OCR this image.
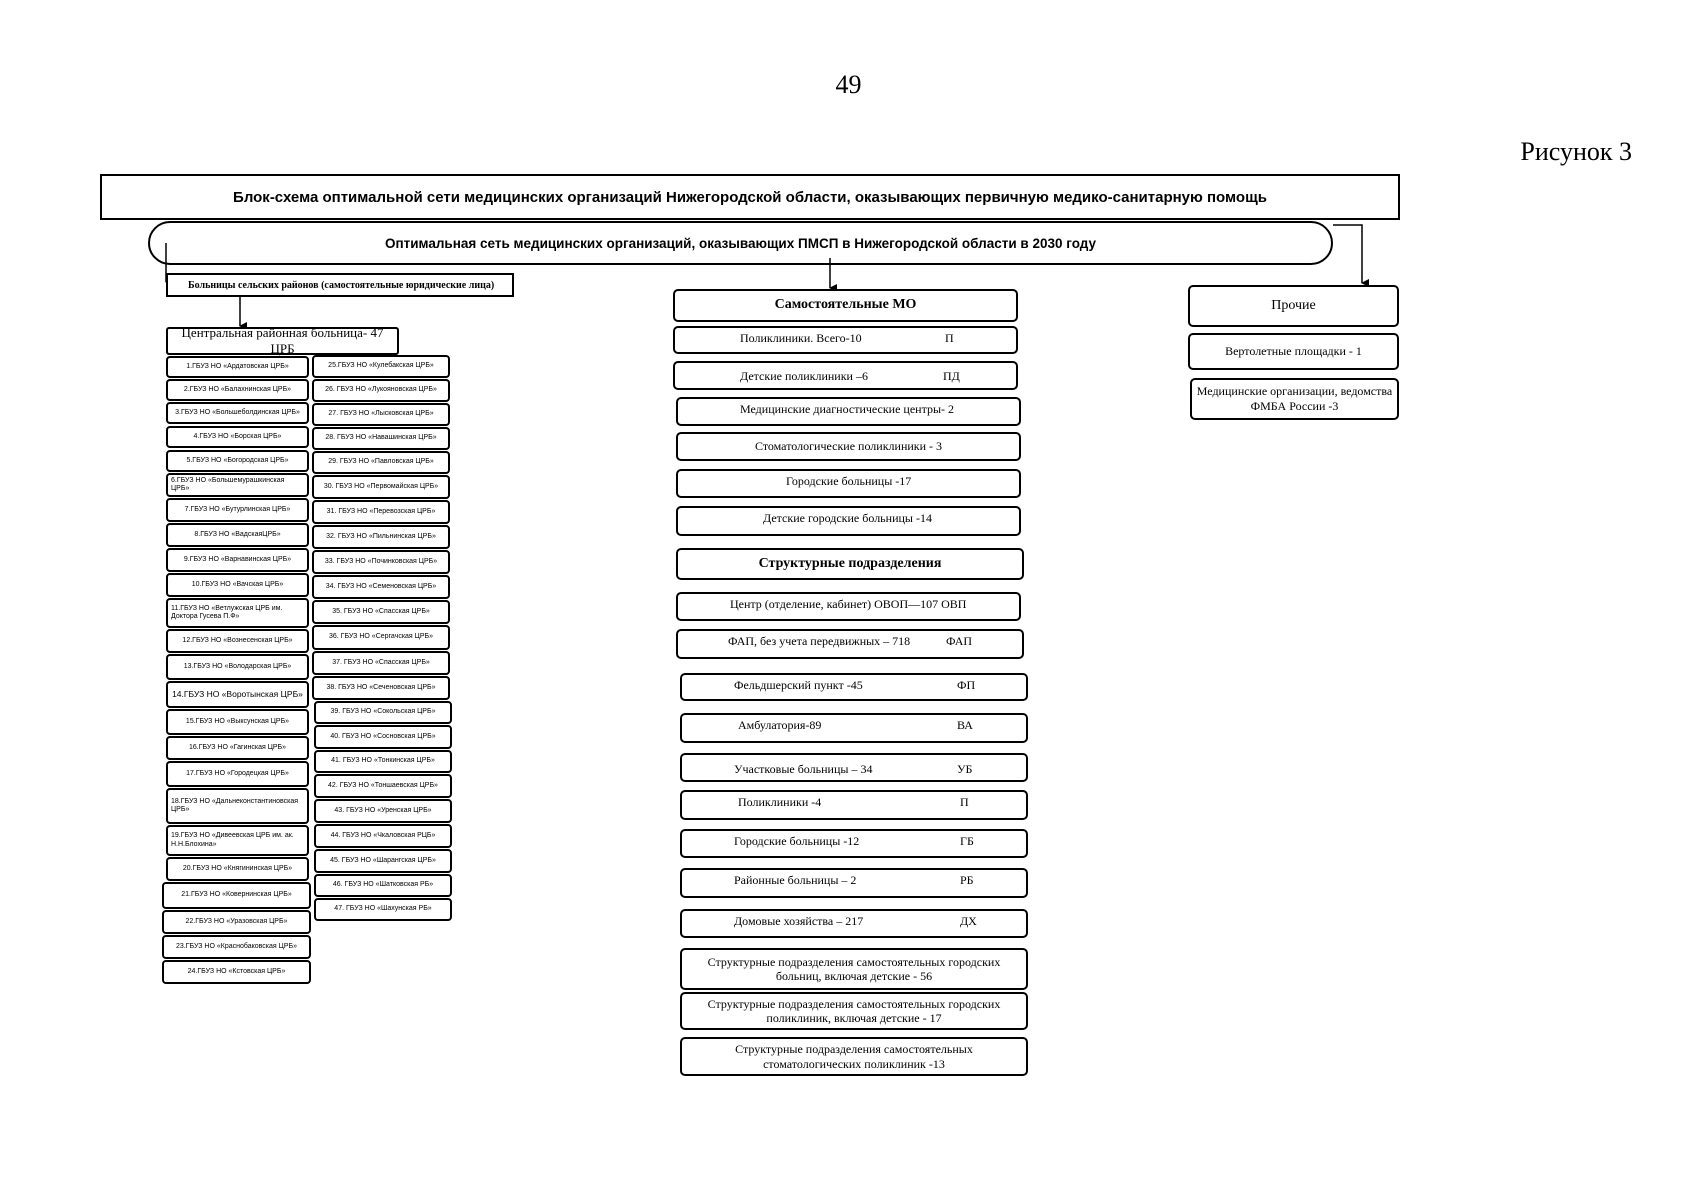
49
Рисунок 3
Блок-схема оптимальной сети медицинских организаций Нижегородской области, оказывающих первичную медико-санитарную помощь
Оптимальная сеть медицинских организаций, оказывающих ПМСП в Нижегородской области в 2030 году
Больницы сельских районов (самостоятельные юридические лица)
Центральная районная больница- 47 ЦРБ
1.ГБУЗ НО «Ардатовская ЦРБ»
2.ГБУЗ НО «Балахнинская ЦРБ»
3.ГБУЗ НО «Большеболдинская ЦРБ»
4.ГБУЗ НО «Борская ЦРБ»
5.ГБУЗ НО «Богородская ЦРБ»
6.ГБУЗ НО «Большемурашкинская ЦРБ»
7.ГБУЗ НО «Бутурлинская ЦРБ»
8.ГБУЗ НО «ВадскаяЦРБ»
9.ГБУЗ НО «Варнавинская ЦРБ»
10.ГБУЗ НО «Вачская ЦРБ»
11.ГБУЗ НО «Ветлужская ЦРБ им. Доктора Гусева П.Ф»
12.ГБУЗ НО «Вознесенская ЦРБ»
13.ГБУЗ НО «Володарская ЦРБ»
14.ГБУЗ НО «Воротынская ЦРБ»
15.ГБУЗ НО «Выксунская ЦРБ»
16.ГБУЗ НО «Гагинская ЦРБ»
17.ГБУЗ НО «Городецкая ЦРБ»
18.ГБУЗ НО «Дальнеконстантиновская ЦРБ»
19.ГБУЗ НО «Дивеевская ЦРБ им. ак. Н.Н.Блохина»
20.ГБУЗ НО «Княгининская ЦРБ»
21.ГБУЗ НО «Ковернинская ЦРБ»
22.ГБУЗ НО «Уразовская ЦРБ»
23.ГБУЗ НО «Краснобаковская ЦРБ»
24.ГБУЗ НО «Кстовская ЦРБ»
25.ГБУЗ НО «Кулебакская ЦРБ»
26. ГБУЗ НО «Лукояновская ЦРБ»
27. ГБУЗ НО «Лысковская ЦРБ»
28. ГБУЗ НО «Навашинская ЦРБ»
29. ГБУЗ НО «Павловская ЦРБ»
30. ГБУЗ НО «Первомайская ЦРБ»
31. ГБУЗ НО «Перевозская ЦРБ»
32. ГБУЗ НО «Пильнинская ЦРБ»
33. ГБУЗ НО «Починковская ЦРБ»
34. ГБУЗ НО «Семеновская ЦРБ»
35. ГБУЗ НО «Спасская ЦРБ»
36. ГБУЗ НО «Сергачская ЦРБ»
37. ГБУЗ НО «Спасская ЦРБ»
38. ГБУЗ НО «Сеченовская ЦРБ»
39. ГБУЗ НО «Сокольская ЦРБ»
40. ГБУЗ НО «Сосновская ЦРБ»
41. ГБУЗ НО «Тонкинская ЦРБ»
42. ГБУЗ НО «Тоншаевская ЦРБ»
43. ГБУЗ НО «Уренская ЦРБ»
44. ГБУЗ НО «Чкаловская РЦБ»
45. ГБУЗ НО «Шарангская ЦРБ»
46. ГБУЗ НО «Шатковская РБ»
47. ГБУЗ НО «Шахунская РБ»
Самостоятельные МО
Поликлиники. Всего-10	П
Детские поликлиники –6	ПД
Медицинские диагностические центры- 2
Стоматологические поликлиники - 3
Городские больницы -17
Детские городские больницы -14
Структурные подразделения
Центр (отделение, кабинет) ОВОП—107 ОВП
ФАП, без учета передвижных – 718	ФАП
Фельдшерский пункт -45	ФП
Амбулатория-89	ВА
Участковые больницы – 34	УБ
Поликлиники -4	П
Городские больницы -12	ГБ
Районные больницы – 2	РБ
Домовые хозяйства – 217	ДХ
Структурные подразделения самостоятельных городских больниц, включая детские - 56
Структурные подразделения самостоятельных городских поликлиник, включая детские - 17
Структурные подразделения самостоятельных стоматологических поликлиник -13
Прочие
Вертолетные площадки - 1
Медицинские организации, ведомства ФМБА России -3
